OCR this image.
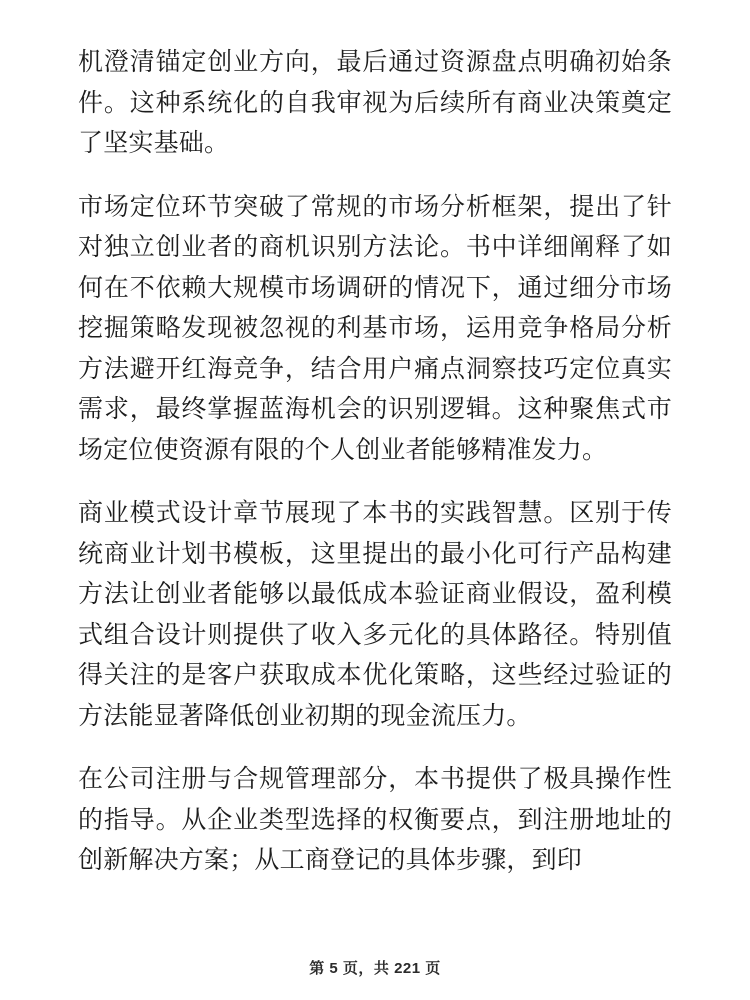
机澄清锚定创业方向，最后通过资源盘点明确初始条件。这种系统化的自我审视为后续所有商业决策奠定了坚实基础。

市场定位环节突破了常规的市场分析框架，提出了针对独立创业者的商机识别方法论。书中详细阐释了如何在不依赖大规模市场调研的情况下，通过细分市场挖掘策略发现被忽视的利基市场，运用竞争格局分析方法避开红海竞争，结合用户痛点洞察技巧定位真实需求，最终掌握蓝海机会的识别逻辑。这种聚焦式市场定位使资源有限的个人创业者能够精准发力。

商业模式设计章节展现了本书的实践智慧。区别于传统商业计划书模板，这里提出的最小化可行产品构建方法让创业者能够以最低成本验证商业假设，盈利模式组合设计则提供了收入多元化的具体路径。特别值得关注的是客户获取成本优化策略，这些经过验证的方法能显著降低创业初期的现金流压力。

在公司注册与合规管理部分，本书提供了极具操作性的指导。从企业类型选择的权衡要点，到注册地址的创新解决方案；从工商登记的具体步骤，到印

第 5 页，共 221 页
